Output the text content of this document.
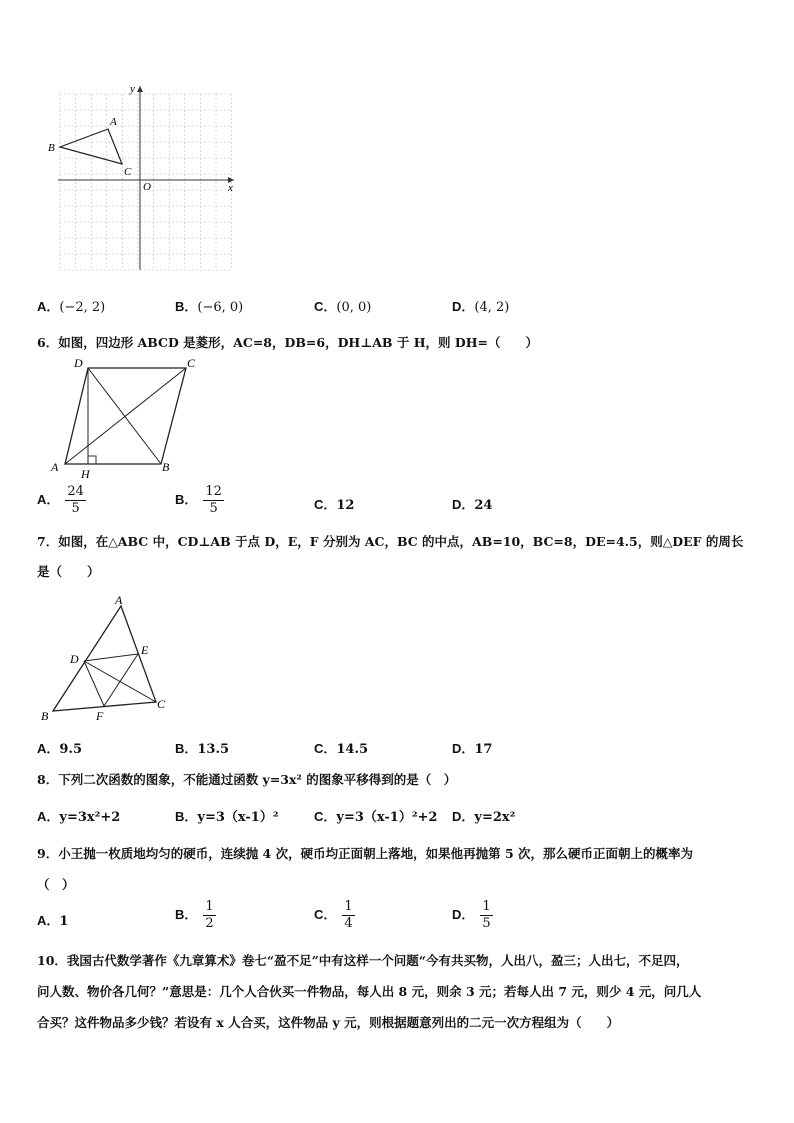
y
x
O
A
B
C
A．(−2, 2)	B．(−6, 0)	C．(0, 0)	D．(4, 2)
6．如图，四边形 ABCD 是菱形，AC=8，DB=6，DH⊥AB 于 H，则 DH=（　　）
D	C
A	B
H
A． $\frac{24}{5}$	B． $\frac{12}{5}$	C．12	D．24
7．如图，在△ABC 中，CD⊥AB 于点 D，E，F 分别为 AC，BC 的中点，AB=10，BC=8，DE=4.5，则△DEF 的周长
是（　　）
A
D
E
B	F
C
A．9.5	B．13.5	C．14.5	D．17
8．下列二次函数的图象，不能通过函数 y=3x² 的图象平移得到的是（　）
A．y=3x²+2	B．y=3（x-1）²	C．y=3（x-1）²+2 D．y=2x²
9．小王抛一枚质地均匀的硬币，连续抛 4 次，硬币均正面朝上落地，如果他再抛第 5 次，那么硬币正面朝上的概率为
（　）
A．1	B． $\frac{1}{2}$	C． $\frac{1}{4}$	D． $\frac{1}{5}$
10．我国古代数学著作《九章算术》卷七“盈不足”中有这样一个问题“今有共买物，人出八，盈三；人出七，不足四，
问人数、物价各几何？”意思是：几个人合伙买一件物品，每人出 8 元，则余 3 元；若每人出 7 元，则少 4 元，问几人
合买？这件物品多少钱？若设有 x 人合买，这件物品 y 元，则根据题意列出的二元一次方程组为（　　）
